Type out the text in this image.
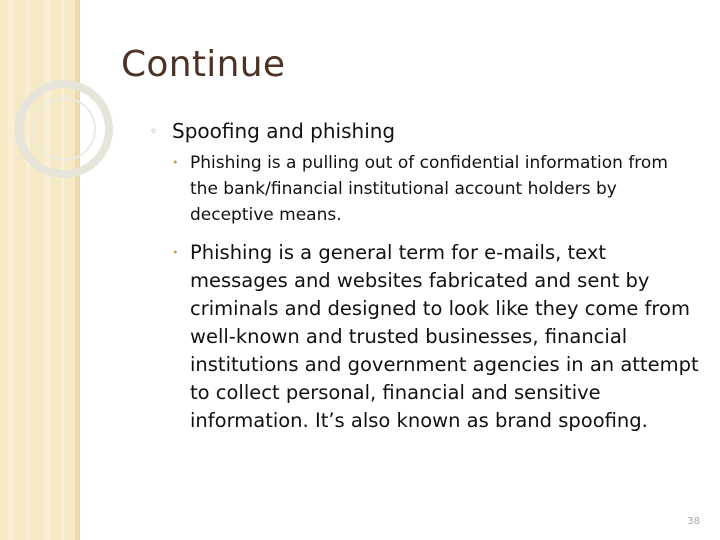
Continue
◦ Spoofing and phishing
• Phishing is a pulling out of confidential information from the bank/financial institutional account holders by deceptive means.
• Phishing is a general term for e-mails, text messages and websites fabricated and sent by criminals and designed to look like they come from well-known and trusted businesses, financial institutions and government agencies in an attempt to collect personal, financial and sensitive information. It’s also known as brand spoofing.
38
